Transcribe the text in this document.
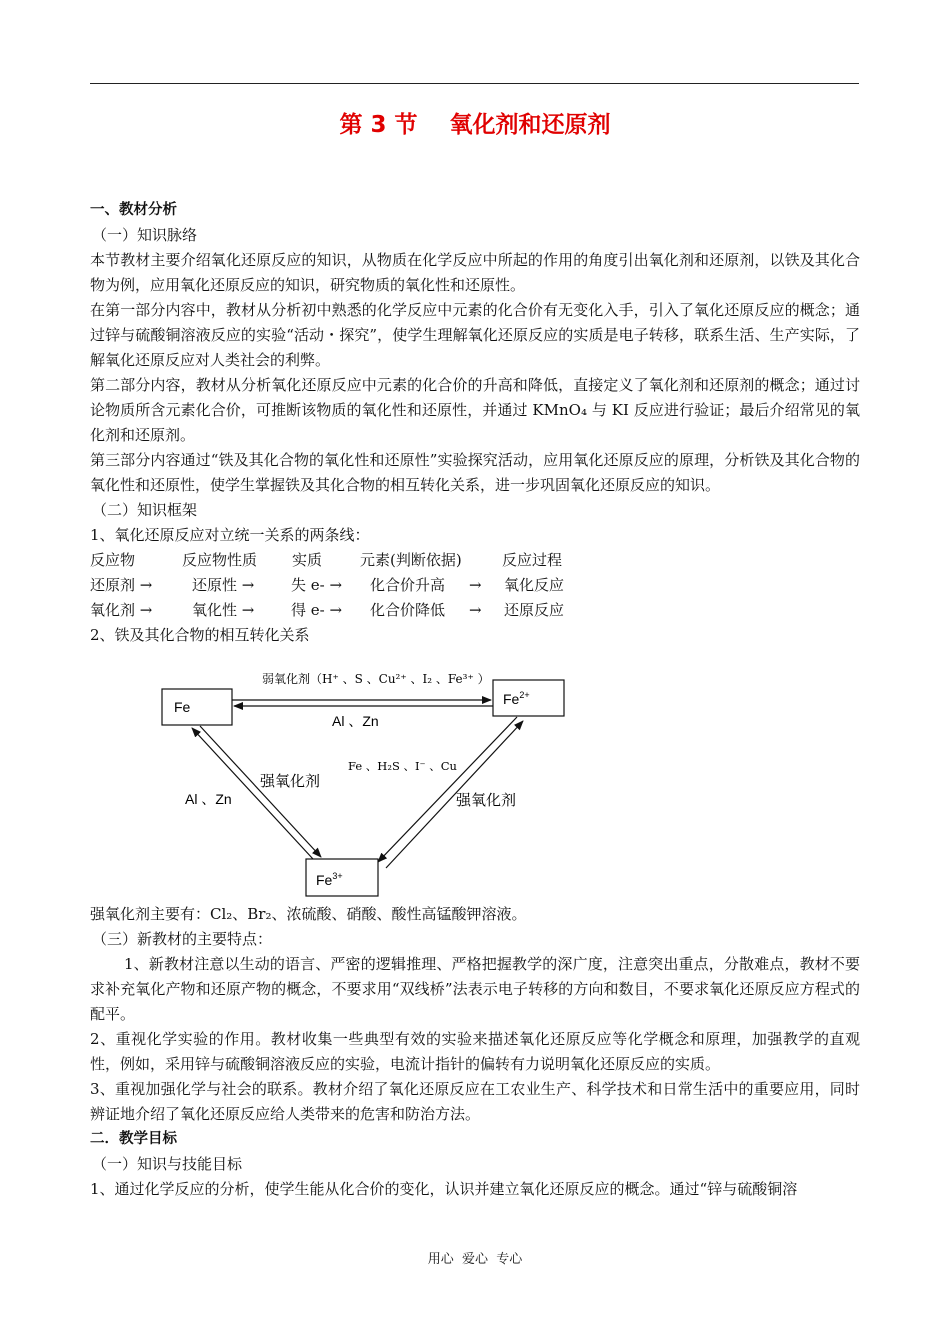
第 3 节    氧化剂和还原剂

一、教材分析

（一）知识脉络

本节教材主要介绍氧化还原反应的知识，从物质在化学反应中所起的作用的角度引出氧化剂和还原剂，以铁及其化合物为例，应用氧化还原反应的知识，研究物质的氧化性和还原性。

在第一部分内容中，教材从分析初中熟悉的化学反应中元素的化合价有无变化入手，引入了氧化还原反应的概念；通过锌与硫酸铜溶液反应的实验“活动・探究”，使学生理解氧化还原反应的实质是电子转移，联系生活、生产实际，了解氧化还原反应对人类社会的利弊。

第二部分内容，教材从分析氧化还原反应中元素的化合价的升高和降低，直接定义了氧化剂和还原剂的概念；通过讨论物质所含元素化合价，可推断该物质的氧化性和还原性，并通过 KMnO₄ 与 KI 反应进行验证；最后介绍常见的氧化剂和还原剂。

第三部分内容通过“铁及其化合物的氧化性和还原性”实验探究活动，应用氧化还原反应的原理，分析铁及其化合物的氧化性和还原性，使学生掌握铁及其化合物的相互转化关系，进一步巩固氧化还原反应的知识。

（二）知识框架

1、氧化还原反应对立统一关系的两条线：

反应物	反应物性质	实质	元素(判断依据)	反应过程
还原剂 →	还原性 →	失 e- →	化合价升高	→	氧化反应
氧化剂 →	氧化性 →	得 e- →	化合价降低	→	还原反应

2、铁及其化合物的相互转化关系

Fe	$Fe^{2+}$
$Fe^{3+}$
弱氧化剂（H⁺ 、S 、Cu²⁺ 、I₂ 、Fe³⁺ ）
Al 、Zn
Al 、Zn
强氧化剂
Fe 、H₂S 、I⁻ 、Cu
强氧化剂

强氧化剂主要有：Cl₂、Br₂、浓硫酸、硝酸、酸性高锰酸钾溶液。

（三）新教材的主要特点：

1、新教材注意以生动的语言、严密的逻辑推理、严格把握教学的深广度，注意突出重点，分散难点，教材不要求补充氧化产物和还原产物的概念，不要求用“双线桥”法表示电子转移的方向和数目，不要求氧化还原反应方程式的配平。

2、重视化学实验的作用。教材收集一些典型有效的实验来描述氧化还原反应等化学概念和原理，加强教学的直观性，例如，采用锌与硫酸铜溶液反应的实验，电流计指针的偏转有力说明氧化还原反应的实质。

3、重视加强化学与社会的联系。教材介绍了氧化还原反应在工农业生产、科学技术和日常生活中的重要应用，同时辨证地介绍了氧化还原反应给人类带来的危害和防治方法。

二．教学目标

（一）知识与技能目标

1、通过化学反应的分析，使学生能从化合价的变化，认识并建立氧化还原反应的概念。通过“锌与硫酸铜溶

用心  爱心  专心
